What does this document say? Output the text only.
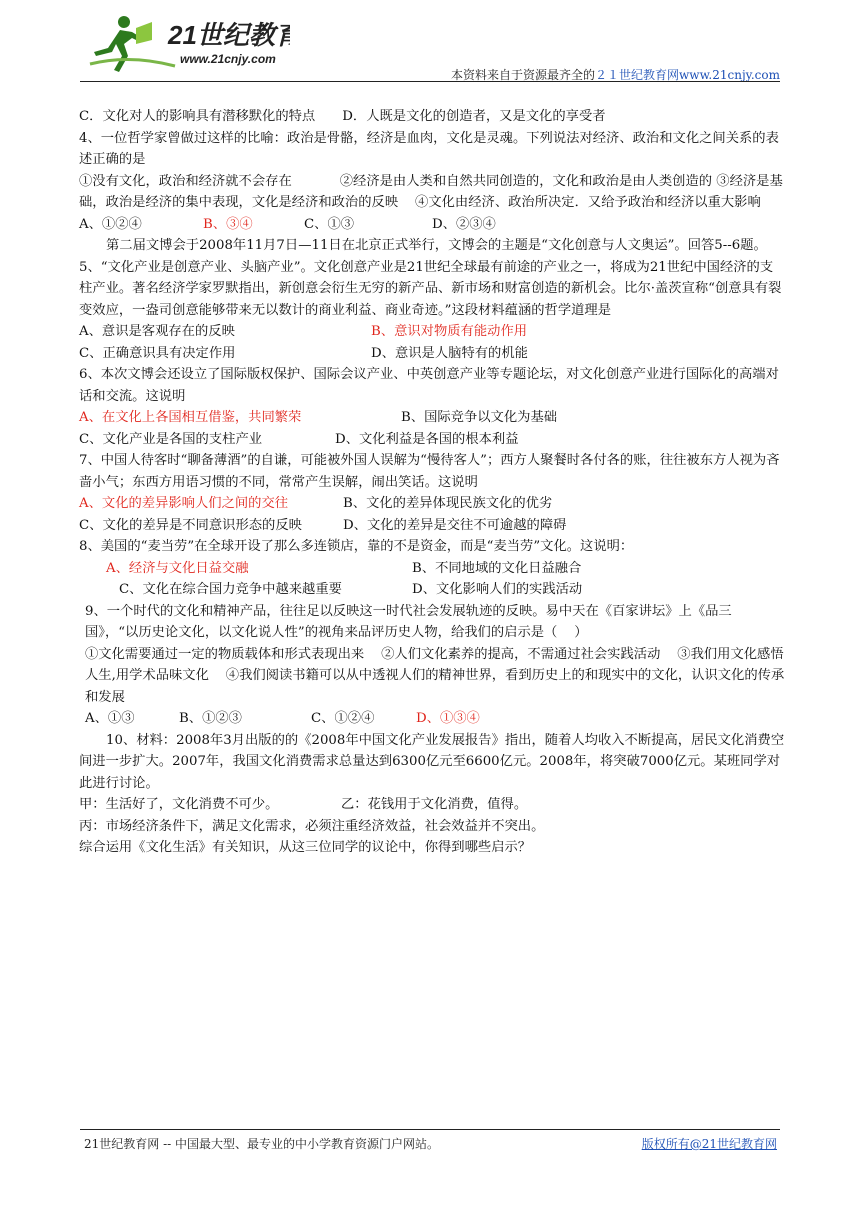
21世纪教育
www.21cnjy.com
本资料来自于资源最齐全的２１世纪教育网www.21cnjy.com
C．文化对人的影响具有潜移默化的特点 D．人既是文化的创造者，又是文化的享受者

4、一位哲学家曾做过这样的比喻：政治是骨骼，经济是血肉，文化是灵魂。下列说法对经济、政治和文化之间关系的表述正确的是

①没有文化，政治和经济就不会存在	②经济是由人类和自然共同创造的，文化和政治是由人类创造的 ③经济是基础，政治是经济的集中表现，文化是经济和政治的反映 ④文化由经济、政治所决定．又给予政治和经济以重大影响

A、①②④	B、③④	C、①③	D、②③④

第二届文博会于2008年11月7日—11日在北京正式举行，文博会的主题是“文化创意与人文奥运”。回答5--6题。

5、“文化产业是创意产业、头脑产业”。文化创意产业是21世纪全球最有前途的产业之一，将成为21世纪中国经济的支柱产业。著名经济学家罗默指出，新创意会衍生无穷的新产品、新市场和财富创造的新机会。比尔·盖茨宣称“创意具有裂变效应，一盎司创意能够带来无以数计的商业利益、商业奇迹。”这段材料蕴涵的哲学道理是

A、意识是客观存在的反映	B、意识对物质有能动作用
C、正确意识具有决定作用	D、意识是人脑特有的机能

6、本次文博会还设立了国际版权保护、国际会议产业、中英创意产业等专题论坛，对文化创意产业进行国际化的高端对话和交流。这说明

A、在文化上各国相互借鉴，共同繁荣	B、国际竞争以文化为基础
C、文化产业是各国的支柱产业	D、文化利益是各国的根本利益

7、中国人待客时“聊备薄酒”的自谦，可能被外国人误解为“慢待客人”；西方人聚餐时各付各的账，往往被东方人视为吝啬小气；东西方用语习惯的不同，常常产生误解，闹出笑话。这说明

A、文化的差异影响人们之间的交往	B、文化的差异体现民族文化的优劣
C、文化的差异是不同意识形态的反映	D、文化的差异是交往不可逾越的障碍

8、美国的“麦当劳”在全球开设了那么多连锁店，靠的不是资金，而是“麦当劳”文化。这说明：

A、经济与文化日益交融	B、不同地域的文化日益融合
C、文化在综合国力竞争中越来越重要	D、文化影响人们的实践活动

9、一个时代的文化和精神产品，往往足以反映这一时代社会发展轨迹的反映。易中天在《百家讲坛》上《品三国》，“以历史论文化，以文化说人性”的视角来品评历史人物，给我们的启示是（    ）

①文化需要通过一定的物质载体和形式表现出来    ②人们文化素养的提高，不需通过社会实践活动    ③我们用文化感悟人生,用学术品味文化    ④我们阅读书籍可以从中透视人们的精神世界，看到历史上的和现实中的文化，认识文化的传承和发展

A、①③	B、①②③	C、①②④	D、①③④

10、材料：2008年3月出版的的《2008年中国文化产业发展报告》指出，随着人均收入不断提高，居民文化消费空间进一步扩大。2007年，我国文化消费需求总量达到6300亿元至6600亿元。2008年，将突破7000亿元。某班同学对此进行讨论。

甲：生活好了，文化消费不可少。	乙：花钱用于文化消费，值得。

丙：市场经济条件下，满足文化需求，必须注重经济效益，社会效益并不突出。

综合运用《文化生活》有关知识，从这三位同学的议论中，你得到哪些启示？

21世纪教育网 -- 中国最大型、最专业的中小学教育资源门户网站。	版权所有@21世纪教育网
